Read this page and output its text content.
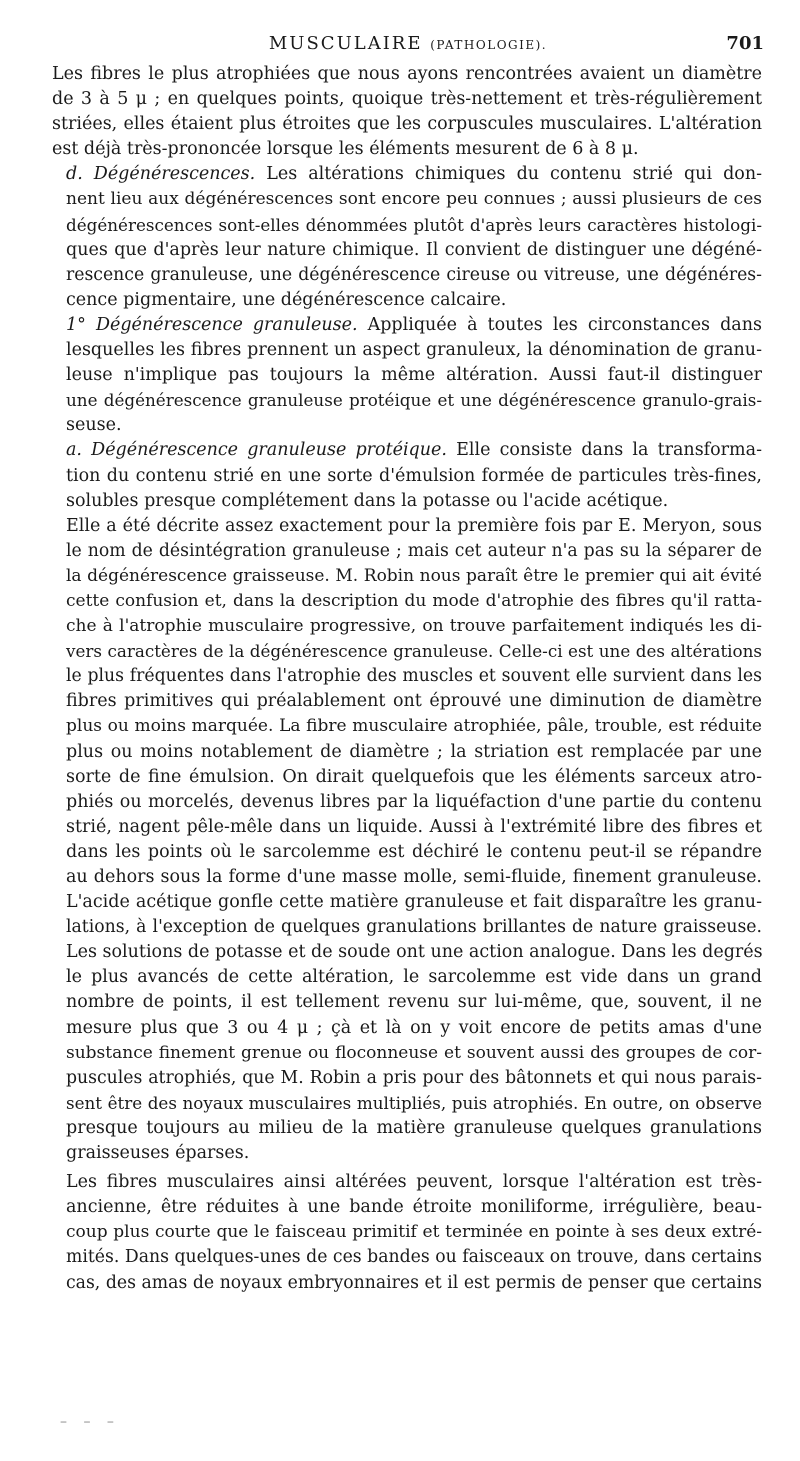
MUSCULAIRE (PATHOLOGIE).	701

Les fibres le plus atrophiées que nous ayons rencontrées avaient un diamètre
de 3 à 5 μ ; en quelques points, quoique très-nettement et très-régulièrement
striées, elles étaient plus étroites que les corpuscules musculaires. L'altération
est déjà très-prononcée lorsque les éléments mesurent de 6 à 8 μ.

d. Dégénérescences. Les altérations chimiques du contenu strié qui don-
nent lieu aux dégénérescences sont encore peu connues ; aussi plusieurs de ces
dégénérescences sont-elles dénommées plutôt d'après leurs caractères histologi-
ques que d'après leur nature chimique. Il convient de distinguer une dégéné-
rescence granuleuse, une dégénérescence cireuse ou vitreuse, une dégénéres-
cence pigmentaire, une dégénérescence calcaire.

1° Dégénérescence granuleuse. Appliquée à toutes les circonstances dans
lesquelles les fibres prennent un aspect granuleux, la dénomination de granu-
leuse n'implique pas toujours la même altération. Aussi faut-il distinguer
une dégénérescence granuleuse protéique et une dégénérescence granulo-grais-
seuse.

a. Dégénérescence granuleuse protéique. Elle consiste dans la transforma-
tion du contenu strié en une sorte d'émulsion formée de particules très-fines,
solubles presque complétement dans la potasse ou l'acide acétique.

Elle a été décrite assez exactement pour la première fois par E. Meryon, sous
le nom de désintégration granuleuse ; mais cet auteur n'a pas su la séparer de
la dégénérescence graisseuse. M. Robin nous paraît être le premier qui ait évité
cette confusion et, dans la description du mode d'atrophie des fibres qu'il ratta-
che à l'atrophie musculaire progressive, on trouve parfaitement indiqués les di-
vers caractères de la dégénérescence granuleuse. Celle-ci est une des altérations
le plus fréquentes dans l'atrophie des muscles et souvent elle survient dans les
fibres primitives qui préalablement ont éprouvé une diminution de diamètre
plus ou moins marquée. La fibre musculaire atrophiée, pâle, trouble, est réduite
plus ou moins notablement de diamètre ; la striation est remplacée par une
sorte de fine émulsion. On dirait quelquefois que les éléments sarceux atro-
phiés ou morcelés, devenus libres par la liquéfaction d'une partie du contenu
strié, nagent pêle-mêle dans un liquide. Aussi à l'extrémité libre des fibres et
dans les points où le sarcolemme est déchiré le contenu peut-il se répandre
au dehors sous la forme d'une masse molle, semi-fluide, finement granuleuse.
L'acide acétique gonfle cette matière granuleuse et fait disparaître les granu-
lations, à l'exception de quelques granulations brillantes de nature graisseuse.
Les solutions de potasse et de soude ont une action analogue. Dans les degrés
le plus avancés de cette altération, le sarcolemme est vide dans un grand
nombre de points, il est tellement revenu sur lui-même, que, souvent, il ne
mesure plus que 3 ou 4 μ ; çà et là on y voit encore de petits amas d'une
substance finement grenue ou floconneuse et souvent aussi des groupes de cor-
puscules atrophiés, que M. Robin a pris pour des bâtonnets et qui nous parais-
sent être des noyaux musculaires multipliés, puis atrophiés. En outre, on observe
presque toujours au milieu de la matière granuleuse quelques granulations
graisseuses éparses.

Les fibres musculaires ainsi altérées peuvent, lorsque l'altération est très-
ancienne, être réduites à une bande étroite moniliforme, irrégulière, beau-
coup plus courte que le faisceau primitif et terminée en pointe à ses deux extré-
mités. Dans quelques-unes de ces bandes ou faisceaux on trouve, dans certains
cas, des amas de noyaux embryonnaires et il est permis de penser que certains

– – –
